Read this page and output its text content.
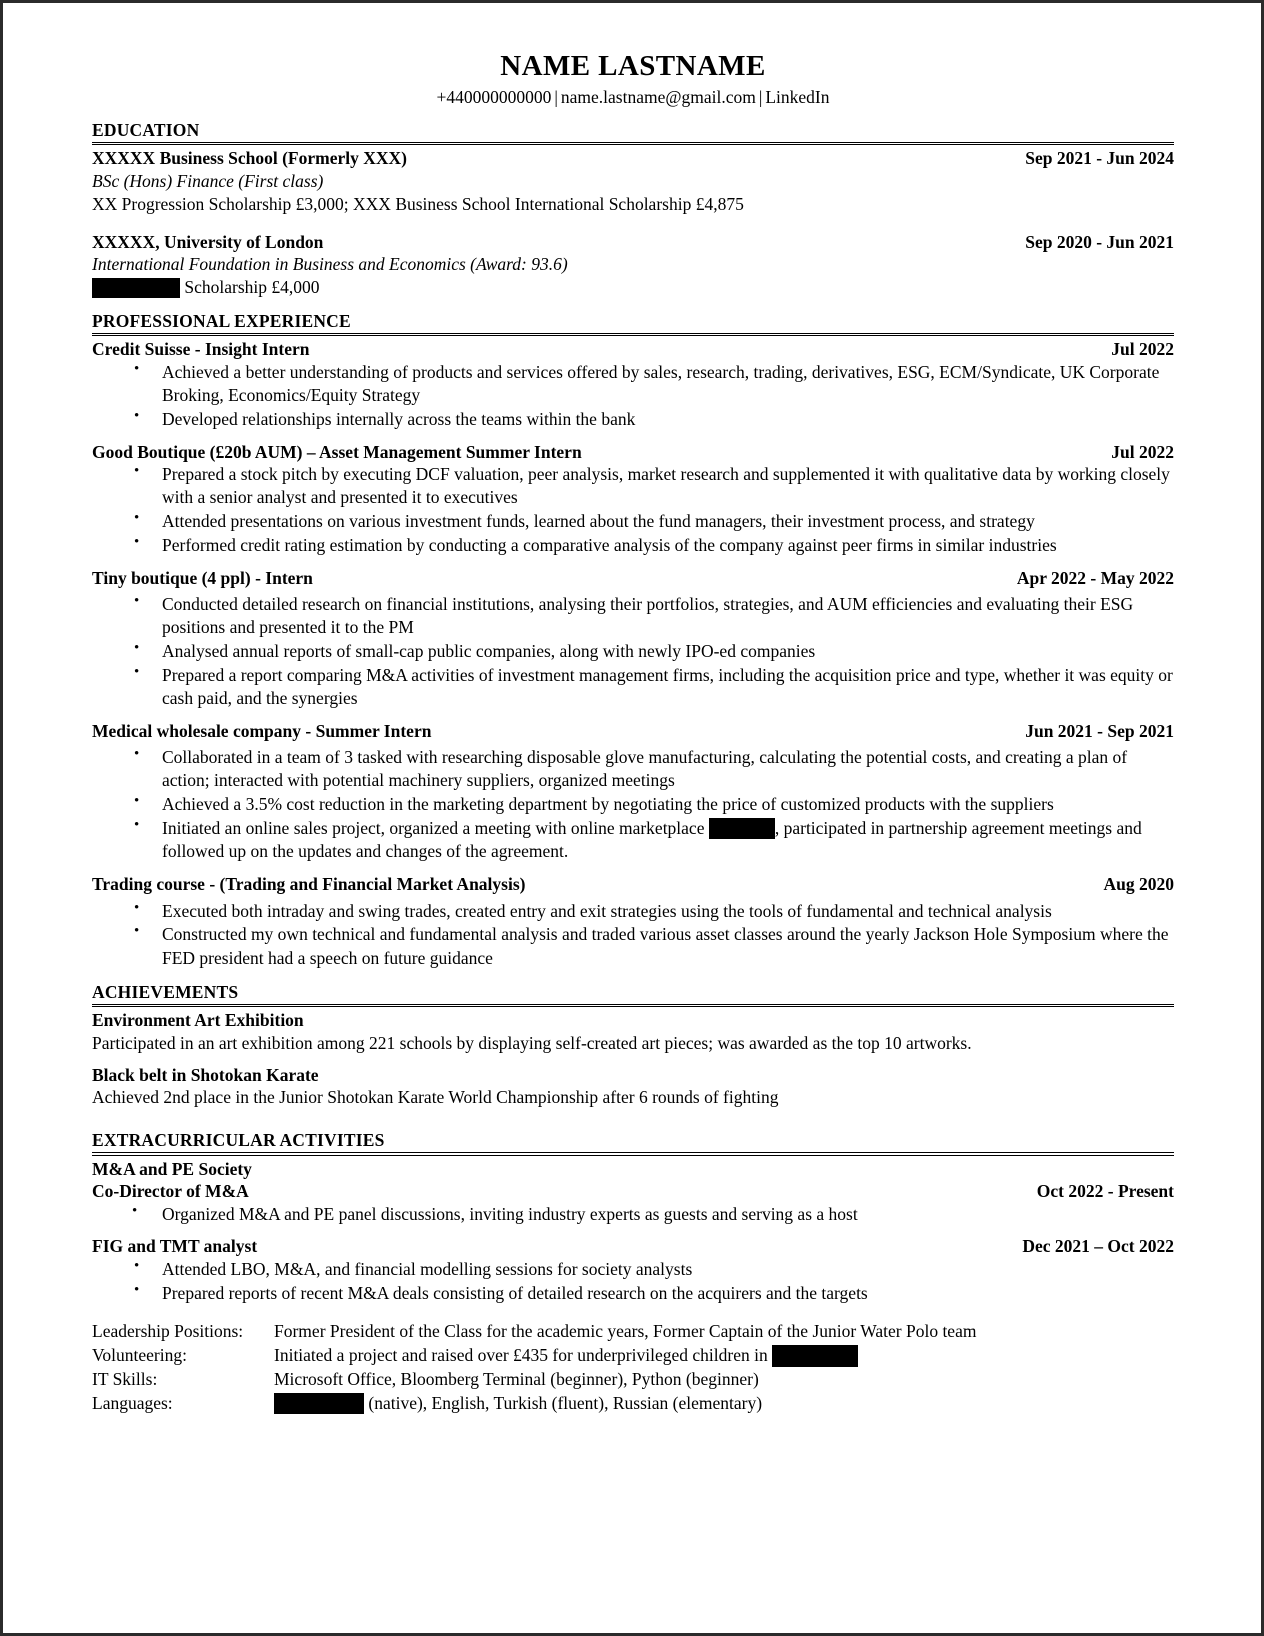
NAME LASTNAME
+440000000000 | name.lastname@gmail.com | LinkedIn
EDUCATION
XXXXX Business School (Formerly XXX)	Sep 2021 - Jun 2024
BSc (Hons) Finance (First class)
XX Progression Scholarship £3,000; XXX Business School International Scholarship £4,875
XXXXX, University of London	Sep 2020 - Jun 2021
International Foundation in Business and Economics (Award: 93.6)
Scholarship £4,000
PROFESSIONAL EXPERIENCE
Credit Suisse - Insight Intern	Jul 2022
• Achieved a better understanding of products and services offered by sales, research, trading, derivatives, ESG, ECM/Syndicate, UK Corporate Broking, Economics/Equity Strategy
• Developed relationships internally across the teams within the bank
Good Boutique (£20b AUM) – Asset Management Summer Intern	Jul 2022
• Prepared a stock pitch by executing DCF valuation, peer analysis, market research and supplemented it with qualitative data by working closely with a senior analyst and presented it to executives
• Attended presentations on various investment funds, learned about the fund managers, their investment process, and strategy
• Performed credit rating estimation by conducting a comparative analysis of the company against peer firms in similar industries
Tiny boutique (4 ppl) - Intern	Apr 2022 - May 2022
• Conducted detailed research on financial institutions, analysing their portfolios, strategies, and AUM efficiencies and evaluating their ESG positions and presented it to the PM
• Analysed annual reports of small-cap public companies, along with newly IPO-ed companies
• Prepared a report comparing M&A activities of investment management firms, including the acquisition price and type, whether it was equity or cash paid, and the synergies
Medical wholesale company - Summer Intern	Jun 2021 - Sep 2021
• Collaborated in a team of 3 tasked with researching disposable glove manufacturing, calculating the potential costs, and creating a plan of action; interacted with potential machinery suppliers, organized meetings
• Achieved a 3.5% cost reduction in the marketing department by negotiating the price of customized products with the suppliers
• Initiated an online sales project, organized a meeting with online marketplace	, participated in partnership agreement meetings and followed up on the updates and changes of the agreement.
Trading course - (Trading and Financial Market Analysis)	Aug 2020
• Executed both intraday and swing trades, created entry and exit strategies using the tools of fundamental and technical analysis
• Constructed my own technical and fundamental analysis and traded various asset classes around the yearly Jackson Hole Symposium where the FED president had a speech on future guidance
ACHIEVEMENTS
Environment Art Exhibition
Participated in an art exhibition among 221 schools by displaying self-created art pieces; was awarded as the top 10 artworks.
Black belt in Shotokan Karate
Achieved 2nd place in the Junior Shotokan Karate World Championship after 6 rounds of fighting
EXTRACURRICULAR ACTIVITIES
M&A and PE Society
Co-Director of M&A	Oct 2022 - Present
• Organized M&A and PE panel discussions, inviting industry experts as guests and serving as a host
FIG and TMT analyst	Dec 2021 – Oct 2022
• Attended LBO, M&A, and financial modelling sessions for society analysts
• Prepared reports of recent M&A deals consisting of detailed research on the acquirers and the targets
Leadership Positions:	Former President of the Class for the academic years, Former Captain of the Junior Water Polo team
Volunteering:	Initiated a project and raised over £435 for underprivileged children in
IT Skills:	Microsoft Office, Bloomberg Terminal (beginner), Python (beginner)
Languages:	(native), English, Turkish (fluent), Russian (elementary)
